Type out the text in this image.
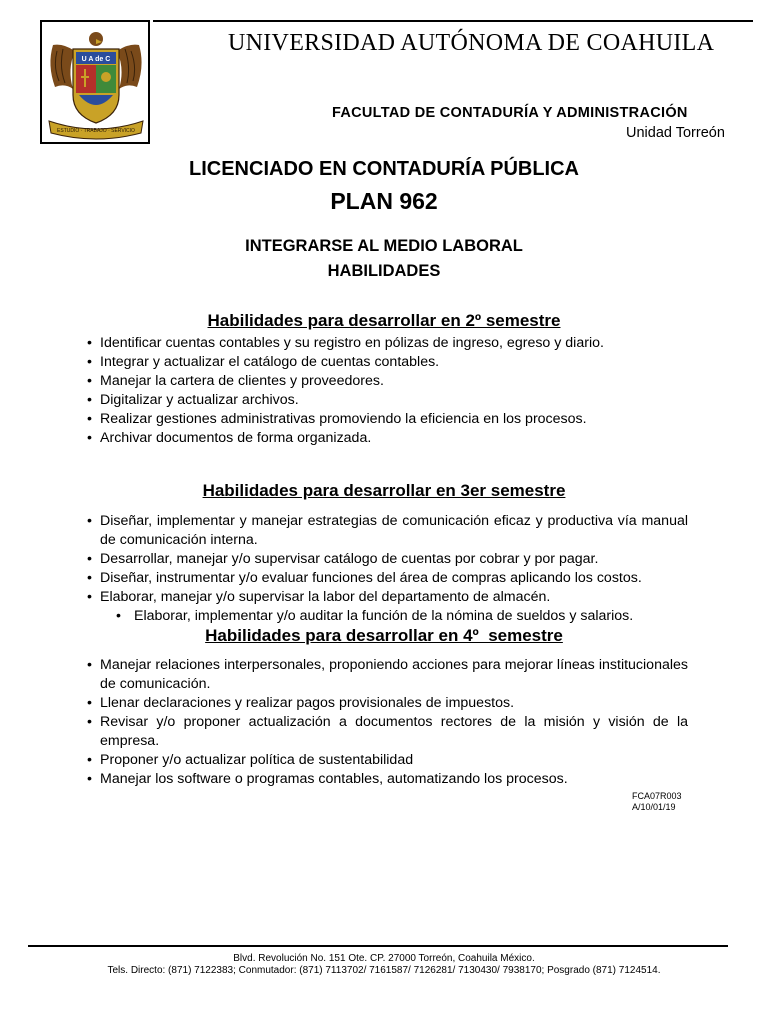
U A de C
ESTUDIO · TRABAJO · SERVICIO
UNIVERSIDAD AUTÓNOMA DE COAHUILA
FACULTAD DE CONTADURÍA Y ADMINISTRACIÓN
Unidad Torreón
LICENCIADO EN CONTADURÍA PÚBLICA
PLAN 962
INTEGRARSE AL MEDIO LABORAL
HABILIDADES
Habilidades para desarrollar en 2º semestre
• Identificar cuentas contables y su registro en pólizas de ingreso, egreso y diario.
• Integrar y actualizar el catálogo de cuentas contables.
• Manejar la cartera de clientes y proveedores.
• Digitalizar y actualizar archivos.
• Realizar gestiones administrativas promoviendo la eficiencia en los procesos.
• Archivar documentos de forma organizada.
Habilidades para desarrollar en 3er semestre
• Diseñar, implementar y manejar estrategias de comunicación eficaz y productiva vía manual de comunicación interna.
• Desarrollar, manejar y/o supervisar catálogo de cuentas por cobrar y por pagar.
• Diseñar, instrumentar y/o evaluar funciones del área de compras aplicando los costos.
• Elaborar, manejar y/o supervisar la labor del departamento de almacén.
• Elaborar, implementar y/o auditar la función de la nómina de sueldos y salarios.
Habilidades para desarrollar en 4º  semestre
• Manejar relaciones interpersonales, proponiendo acciones para mejorar líneas institucionales de comunicación.
• Llenar declaraciones y realizar pagos provisionales de impuestos.
• Revisar y/o proponer actualización a documentos rectores de la misión y visión de la empresa.
• Proponer y/o actualizar política de sustentabilidad
• Manejar los software o programas contables, automatizando los procesos.
FCA07R003
A/10/01/19
Blvd. Revolución No. 151 Ote. CP. 27000 Torreón, Coahuila México.
Tels. Directo: (871) 7122383; Conmutador: (871) 7113702/ 7161587/ 7126281/ 7130430/ 7938170; Posgrado (871) 7124514.
